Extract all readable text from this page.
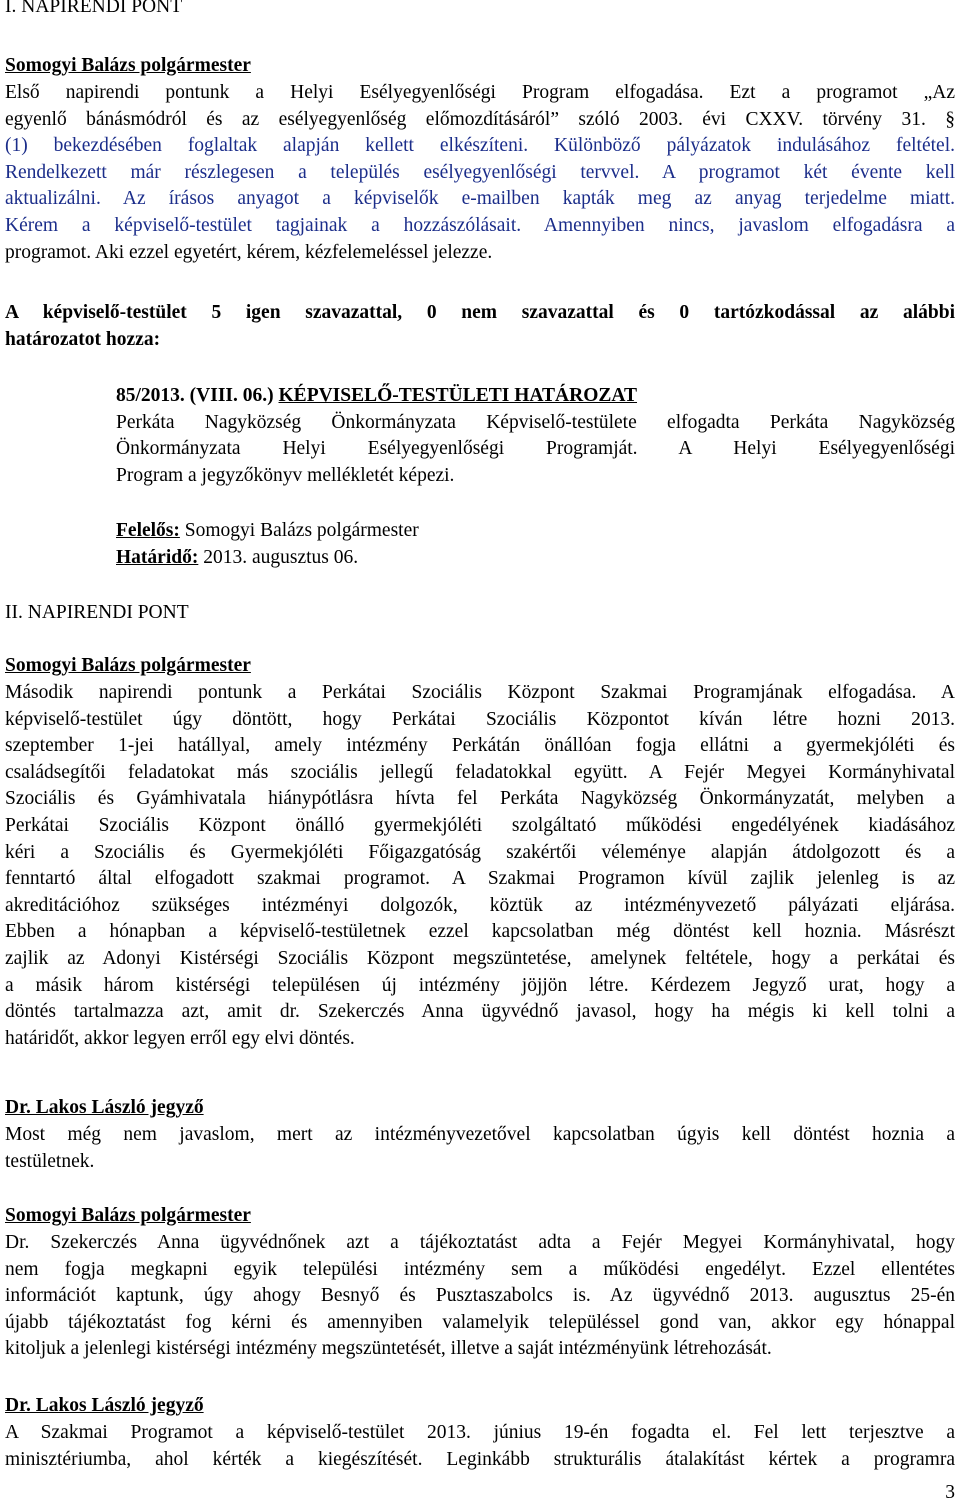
I. NAPIRENDI PONT
Somogyi Balázs polgármester
Első napirendi pontunk a Helyi Esélyegyenlőségi Program elfogadása. Ezt a programot „Az
egyenlő bánásmódról és az esélyegyenlőség előmozdításáról” szóló 2003. évi CXXV. törvény 31. §
(1) bekezdésében foglaltak alapján kellett elkészíteni. Különböző pályázatok indulásához feltétel.
Rendelkezett már részlegesen a település esélyegyenlőségi tervvel. A programot két évente kell
aktualizálni. Az írásos anyagot a képviselők e-mailben kapták meg az anyag terjedelme miatt.
Kérem a képviselő-testület tagjainak a hozzászólásait. Amennyiben nincs, javaslom elfogadásra a
programot. Aki ezzel egyetért, kérem, kézfelemeléssel jelezze.
A képviselő-testület 5 igen szavazattal, 0 nem szavazattal és 0 tartózkodással az alábbi
határozatot hozza:
85/2013. (VIII. 06.) KÉPVISELŐ-TESTÜLETI HATÁROZAT
Perkáta Nagyközség Önkormányzata Képviselő-testülete elfogadta Perkáta Nagyközség
Önkormányzata Helyi Esélyegyenlőségi Programját. A Helyi Esélyegyenlőségi
Program a jegyzőkönyv mellékletét képezi.
Felelős: Somogyi Balázs polgármester
Határidő: 2013. augusztus 06.
II. NAPIRENDI PONT
Somogyi Balázs polgármester
Második napirendi pontunk a Perkátai Szociális Központ Szakmai Programjának elfogadása. A
képviselő-testület úgy döntött, hogy Perkátai Szociális Központot kíván létre hozni 2013.
szeptember 1-jei hatállyal, amely intézmény Perkátán önállóan fogja ellátni a gyermekjóléti és
családsegítői feladatokat más szociális jellegű feladatokkal együtt. A Fejér Megyei Kormányhivatal
Szociális és Gyámhivatala hiánypótlásra hívta fel Perkáta Nagyközség Önkormányzatát, melyben a
Perkátai Szociális Központ önálló gyermekjóléti szolgáltató működési engedélyének kiadásához
kéri a Szociális és Gyermekjóléti Főigazgatóság szakértői véleménye alapján átdolgozott és a
fenntartó által elfogadott szakmai programot. A Szakmai Programon kívül zajlik jelenleg is az
akreditációhoz szükséges intézményi dolgozók, köztük az intézményvezető pályázati eljárása.
Ebben a hónapban a képviselő-testületnek ezzel kapcsolatban még döntést kell hoznia. Másrészt
zajlik az Adonyi Kistérségi Szociális Központ megszüntetése, amelynek feltétele, hogy a perkátai és
a másik három kistérségi településen új intézmény jöjjön létre. Kérdezem Jegyző urat, hogy a
döntés tartalmazza azt, amit dr. Szekerczés Anna ügyvédnő javasol, hogy ha mégis ki kell tolni a
határidőt, akkor legyen erről egy elvi döntés.
Dr. Lakos László jegyző
Most még nem javaslom, mert az intézményvezetővel kapcsolatban úgyis kell döntést hoznia a
testületnek.
Somogyi Balázs polgármester
Dr. Szekerczés Anna ügyvédnőnek azt a tájékoztatást adta a Fejér Megyei Kormányhivatal, hogy
nem fogja megkapni egyik települési intézmény sem a működési engedélyt. Ezzel ellentétes
információt kaptunk, úgy ahogy Besnyő és Pusztaszabolcs is. Az ügyvédnő 2013. augusztus 25-én
újabb tájékoztatást fog kérni és amennyiben valamelyik településsel gond van, akkor egy hónappal
kitoljuk a jelenlegi kistérségi intézmény megszüntetését, illetve a saját intézményünk létrehozását.
Dr. Lakos László jegyző
A Szakmai Programot a képviselő-testület 2013. június 19-én fogadta el. Fel lett terjesztve a
minisztériumba, ahol kérték a kiegészítését. Leginkább strukturális átalakítást kértek a programra
3
